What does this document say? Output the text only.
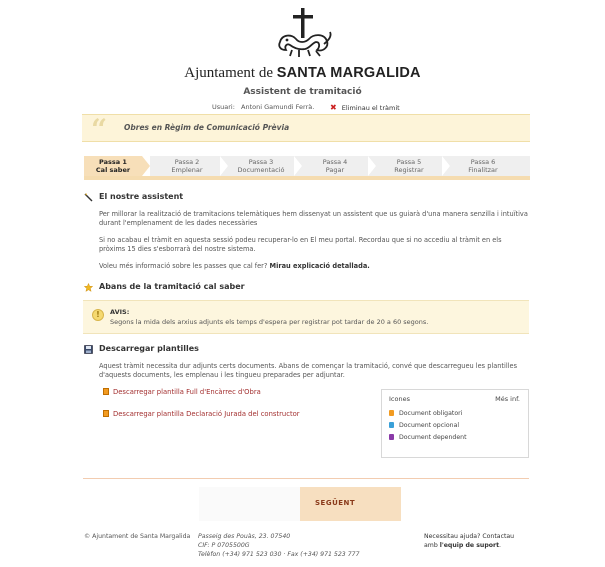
Ajuntament de SANTA MARGALIDA
Assistent de tramitació
Usuari: Antoni Gamundi Ferrà.	✖ Eliminau el tràmit
“ Obres en Règim de Comunicació Prèvia
Passa 1
Cal saber
Passa 2
Emplenar
Passa 3
Documentació
Passa 4
Pagar
Passa 5
Registrar
Passa 6
Finalitzar
El nostre assistent
Per millorar la realització de tramitacions telemàtiques hem dissenyat un assistent que us guiarà d'una manera senzilla i intuïtiva durant l'emplenament de les dades necessàries
Si no acabau el tràmit en aquesta sessió podeu recuperar-lo en El meu portal. Recordau que si no accediu al tràmit en els pròxims 15 dies s'esborrarà del nostre sistema.
Voleu més informació sobre les passes que cal fer? Mirau explicació detallada.
Abans de la tramitació cal saber
!	AVIS:
Segons la mida dels arxius adjunts els temps d'espera per registrar pot tardar de 20 a 60 segons.
Descarregar plantilles
Aquest tràmit necessita dur adjunts certs documents. Abans de començar la tramitació, convé que descarregueu les plantilles d'aquests documents, les emplenau i les tingueu preparades per adjuntar.
Descarregar plantilla Full d'Encàrrec d'Obra
Descarregar plantilla Declaració Jurada del constructor
Icones	Més inf.
Document obligatori
Document opcional
Document dependent
SEGÜENT
© Ajuntament de Santa Margalida Passeig des Pouàs, 23. 07540
CIF: P 0705500G
Telèfon (+34) 971 523 030 · Fax (+34) 971 523 777
Necessitau ajuda? Contactau
amb l'equip de suport.
